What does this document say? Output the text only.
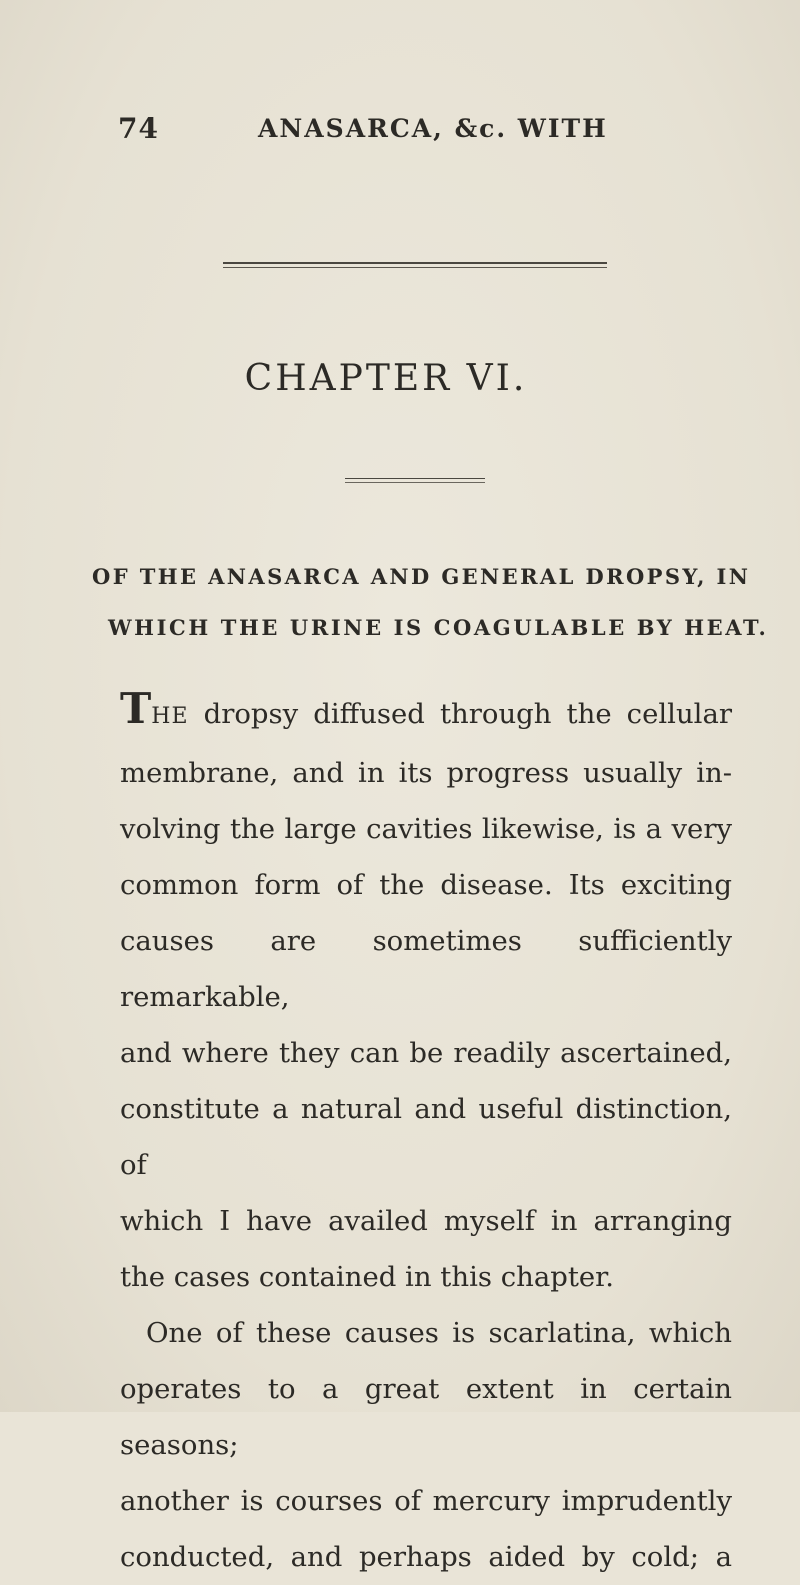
74	ANASARCA, &c. WITH
CHAPTER VI.
OF THE ANASARCA AND GENERAL DROPSY, IN
WHICH THE URINE IS COAGULABLE BY HEAT.

THE dropsy diffused through the cellular

membrane, and in its progress usually in-

volving the large cavities likewise, is a very

common form of the disease. Its exciting

causes are sometimes sufficiently remarkable,

and where they can be readily ascertained,

constitute a natural and useful distinction, of

which I have availed myself in arranging

the cases contained in this chapter.

One of these causes is scarlatina, which

operates to a great extent in certain seasons;

another is courses of mercury imprudently

conducted, and perhaps aided by cold; a
